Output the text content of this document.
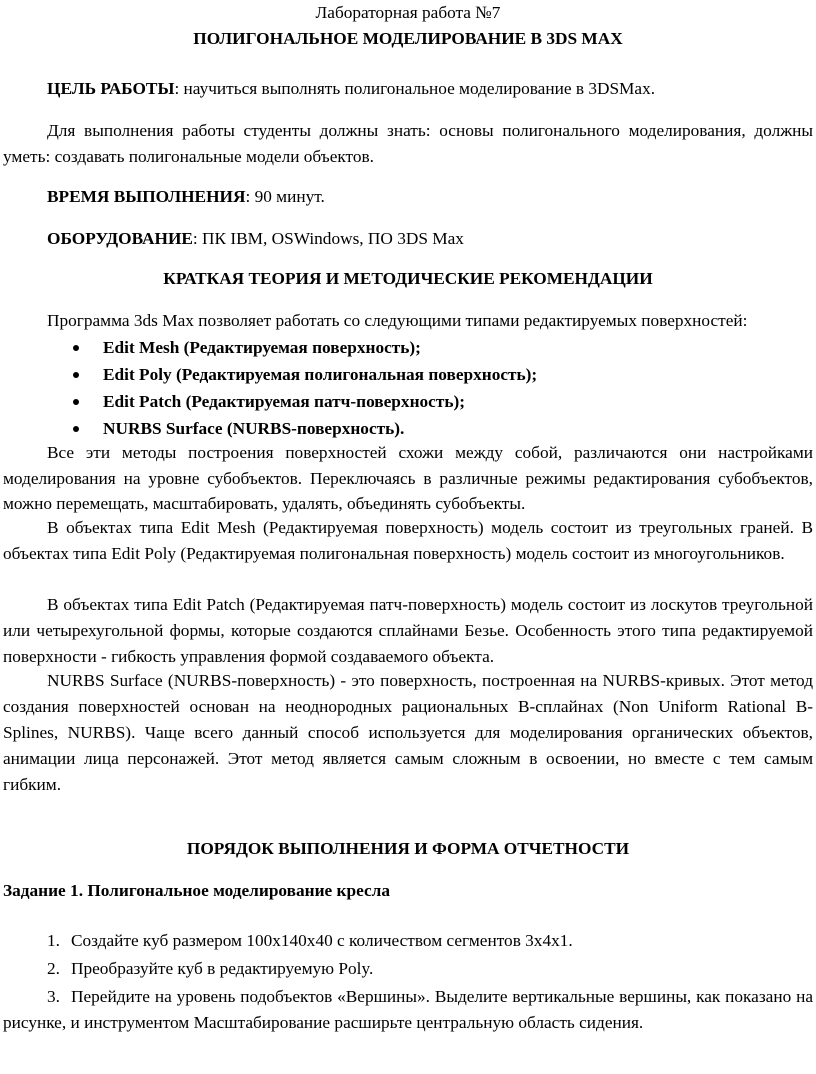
Лабораторная работа №7

ПОЛИГОНАЛЬНОЕ МОДЕЛИРОВАНИЕ В 3DS MAX

ЦЕЛЬ РАБОТЫ: научиться выполнять полигональное моделирование в 3DSMax.

Для выполнения работы студенты должны знать: основы полигонального моделирования, должны уметь: создавать полигональные модели объектов.

ВРЕМЯ ВЫПОЛНЕНИЯ: 90 минут.

ОБОРУДОВАНИЕ: ПК IBM, OSWindows, ПО 3DS Max

КРАТКАЯ ТЕОРИЯ И МЕТОДИЧЕСКИЕ РЕКОМЕНДАЦИИ

Программа 3ds Max позволяет работать со следующими типами редактируемых поверхностей:

Edit Mesh (Редактируемая поверхность);
Edit Poly (Редактируемая полигональная поверхность);
Edit Patch (Редактируемая патч-поверхность);
NURBS Surface (NURBS-поверхность).

Все эти методы построения поверхностей схожи между собой, различаются они настройками моделирования на уровне субобъектов. Переключаясь в различные режимы редактирования субобъектов, можно перемещать, масштабировать, удалять, объединять субобъекты.

В объектах типа Edit Mesh (Редактируемая поверхность) модель состоит из треугольных граней. В объектах типа Edit Poly (Редактируемая полигональная поверхность) модель состоит из многоугольников.

В объектах типа Edit Patch (Редактируемая патч-поверхность) модель состоит из лоскутов треугольной или четырехугольной формы, которые создаются сплайнами Безье. Особенность этого типа редактируемой поверхности - гибкость управления формой создаваемого объекта.

NURBS Surface (NURBS-поверхность) - это поверхность, построенная на NURBS-кривых. Этот метод создания поверхностей основан на неоднородных рациональных B-сплайнах (Non Uniform Rational B-Splines, NURBS). Чаще всего данный способ используется для моделирования органических объектов, анимации лица персонажей. Этот метод является самым сложным в освоении, но вместе с тем самым гибким.

ПОРЯДОК ВЫПОЛНЕНИЯ И ФОРМА ОТЧЕТНОСТИ

Задание 1. Полигональное моделирование кресла

1. Создайте куб размером 100x140x40 с количеством сегментов 3x4x1.
2. Преобразуйте куб в редактируемую Poly.
3. Перейдите на уровень подобъектов «Вершины». Выделите вертикальные вершины, как показано на рисунке, и инструментом Масштабирование расширьте центральную область сидения.
